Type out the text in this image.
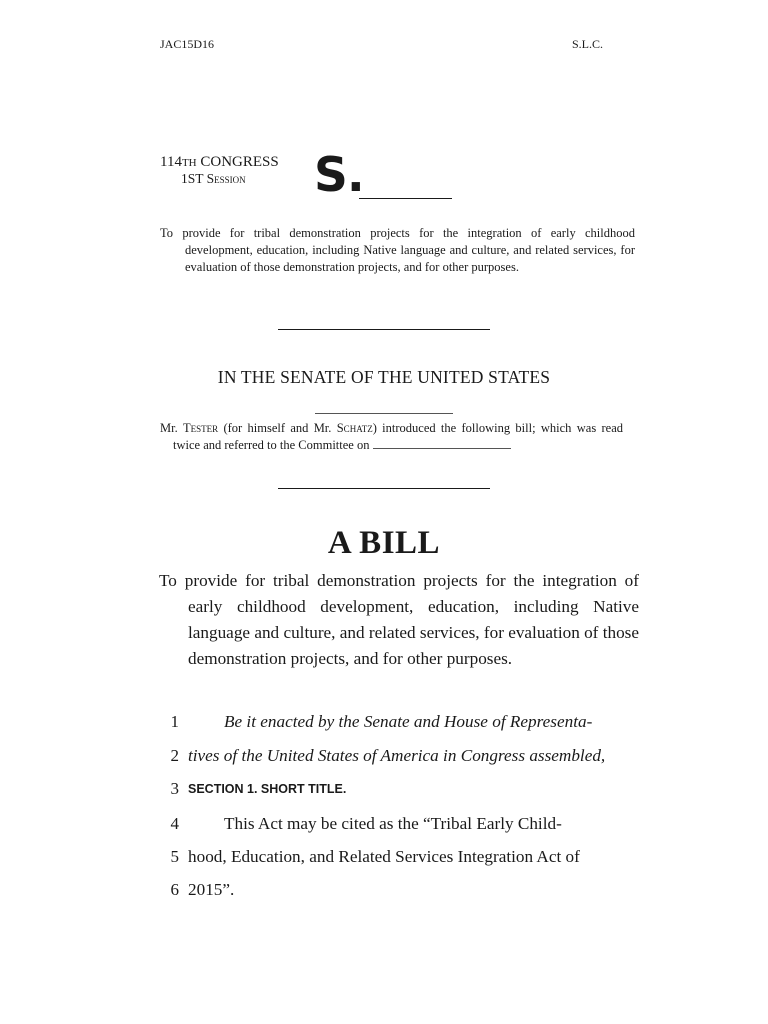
JAC15D16	S.L.C.
114TH CONGRESS
1ST Session S.
To provide for tribal demonstration projects for the integration of early childhood development, education, including Native language and culture, and related services, for evaluation of those demonstration projects, and for other purposes.
IN THE SENATE OF THE UNITED STATES
Mr. Tester (for himself and Mr. Schatz) introduced the following bill; which was read twice and referred to the Committee on
A BILL
To provide for tribal demonstration projects for the integration of early childhood development, education, including Native language and culture, and related services, for evaluation of those demonstration projects, and for other purposes.
1	Be it enacted by the Senate and House of Representa-
2 tives of the United States of America in Congress assembled,
3 SECTION 1. SHORT TITLE.
4	This Act may be cited as the “Tribal Early Child-
5 hood, Education, and Related Services Integration Act of
6 2015”.
